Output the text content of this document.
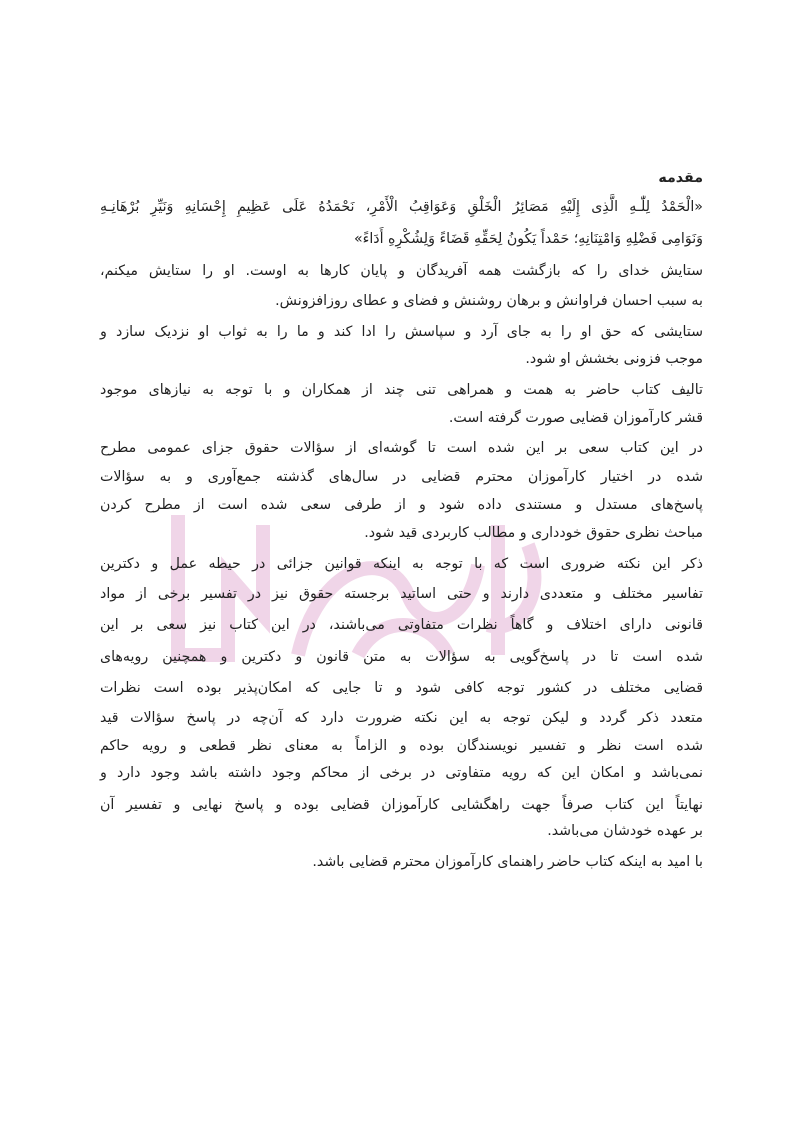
مقدمه
«الْحَمْدُ لِلّٰـهِ الَّذِی إِلَیْهِ مَصَائِرُ الْخَلْقِ وَعَوَاقِبُ الْأَمْرِ، نَحْمَدُهُ عَلَى عَظِیمِ إِحْسَانِهِ وَنَیِّرِ بُرْهَانِـهِ
وَنَوَامِی فَضْلِهِ وَامْتِنَانِهِ؛ حَمْداً یَکُونُ لِحَقِّهِ قَضَاءً وَلِشُکْرِهِ أَدَاءً»
ستایش خدای را که بازگشت همه آفریدگان و پایان کارها به اوست. او را ستایش میکنم،
به سبب احسان فراوانش و برهان روشنش و فضای و عطای روزافزونش.
ستایشی که حق او را به جای آرد و سپاسش را ادا کند و ما را به ثواب او نزدیک سازد و
موجب فزونی بخشش او شود.
تالیف کتاب حاضر به همت و همراهی تنی چند از همکاران و با توجه به نیازهای موجود
قشر کارآموزان قضایی صورت گرفته است.
در این کتاب سعی بر این شده است تا گوشه‌ای از سؤالات حقوق جزای عمومی مطرح
شده در اختیار کارآموزان محترم قضایی در سال‌های گذشته جمع‌آوری و به سؤالات
پاسخ‌های مستدل و مستندی داده شود و از طرفی سعی شده است از مطرح کردن
مباحث نظری حقوق خودداری و مطالب کاربردی قید شود.
ذکر این نکته ضروری است که با توجه به اینکه قوانین جزائی در حیطه عمل و دکترین
تفاسیر مختلف و متعددی دارند و حتی اساتید برجسته حقوق نیز در تفسیر برخی از مواد
قانونی دارای اختلاف و گاهاً نظرات متفاوتی می‌باشند، در این کتاب نیز سعی بر این
شده است تا در پاسخ‌گویی به سؤالات به متن قانون و دکترین و همچنین رویه‌های
قضایی مختلف در کشور توجه کافی شود و تا جایی که امکان‌پذیر بوده است نظرات
متعدد ذکر گردد و لیکن توجه به این نکته ضرورت دارد که آن‌چه در پاسخ سؤالات قید
شده است نظر و تفسیر نویسندگان بوده و الزاماً به معنای نظر قطعی و رویه حاکم
نمی‌باشد و امکان این که رویه متفاوتی در برخی از محاکم وجود داشته باشد وجود دارد و
نهایتاً این کتاب صرفاً جهت راهگشایی کارآموزان قضایی بوده و پاسخ نهایی و تفسیر آن
بر عهده خودشان می‌باشد.
با امید به اینکه کتاب حاضر راهنمای کارآموزان محترم قضایی باشد.
